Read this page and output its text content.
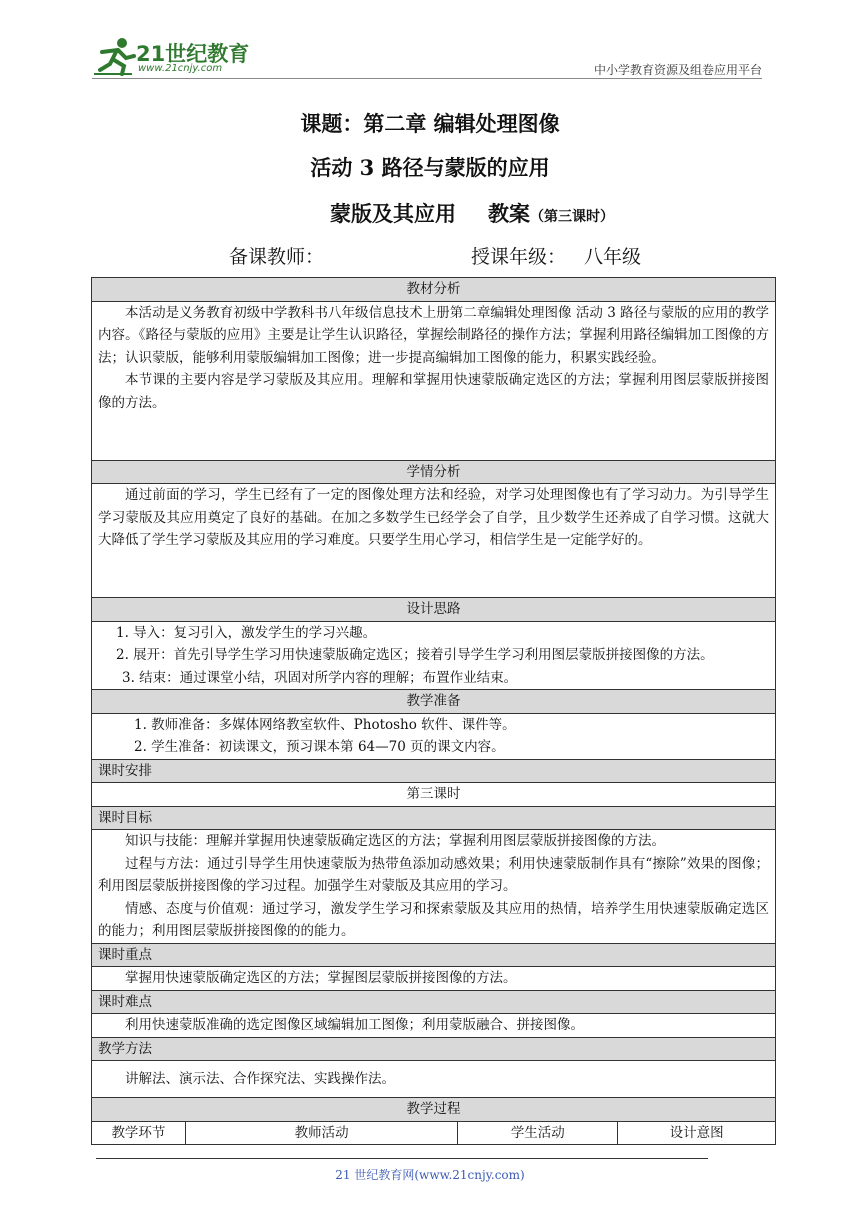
21世纪教育
www.21cnjy.com	中小学教育资源及组卷应用平台
课题：第二章 编辑处理图像
活动 3 路径与蒙版的应用
蒙版及其应用 教案（第三课时）
备课教师：	授课年级： 八年级
教材分析

本活动是义务教育初级中学教科书八年级信息技术上册第二章编辑处理图像 活动 3 路径与蒙版的应用的教学内容。《路径与蒙版的应用》主要是让学生认识路径，掌握绘制路径的操作方法；掌握利用路径编辑加工图像的方法；认识蒙版，能够利用蒙版编辑加工图像；进一步提高编辑加工图像的能力，积累实践经验。

本节课的主要内容是学习蒙版及其应用。理解和掌握用快速蒙版确定选区的方法；掌握利用图层蒙版拼接图像的方法。

学情分析

通过前面的学习，学生已经有了一定的图像处理方法和经验，对学习处理图像也有了学习动力。为引导学生学习蒙版及其应用奠定了良好的基础。在加之多数学生已经学会了自学，且少数学生还养成了自学习惯。这就大大降低了学生学习蒙版及其应用的学习难度。只要学生用心学习，相信学生是一定能学好的。

设计思路

1. 导入：复习引入，激发学生的学习兴趣。

2. 展开：首先引导学生学习用快速蒙版确定选区；接着引导学生学习利用图层蒙版拼接图像的方法。

3. 结束：通过课堂小结，巩固对所学内容的理解；布置作业结束。

教学准备

1. 教师准备：多媒体网络教室软件、Photosho 软件、课件等。

2. 学生准备：初读课文，预习课本第 64—70 页的课文内容。

课时安排
第三课时
课时目标

知识与技能：理解并掌握用快速蒙版确定选区的方法；掌握利用图层蒙版拼接图像的方法。

过程与方法：通过引导学生用快速蒙版为热带鱼添加动感效果；利用快速蒙版制作具有“擦除”效果的图像；利用图层蒙版拼接图像的学习过程。加强学生对蒙版及其应用的学习。

情感、态度与价值观：通过学习，激发学生学习和探索蒙版及其应用的热情，培养学生用快速蒙版确定选区的能力；利用图层蒙版拼接图像的的能力。

课时重点

掌握用快速蒙版确定选区的方法；掌握图层蒙版拼接图像的方法。

课时难点

利用快速蒙版准确的选定图像区域编辑加工图像；利用蒙版融合、拼接图像。

教学方法

讲解法、演示法、合作探究法、实践操作法。

教学过程
教学环节	教师活动	学生活动	设计意图
21 世纪教育网(www.21cnjy.com)
